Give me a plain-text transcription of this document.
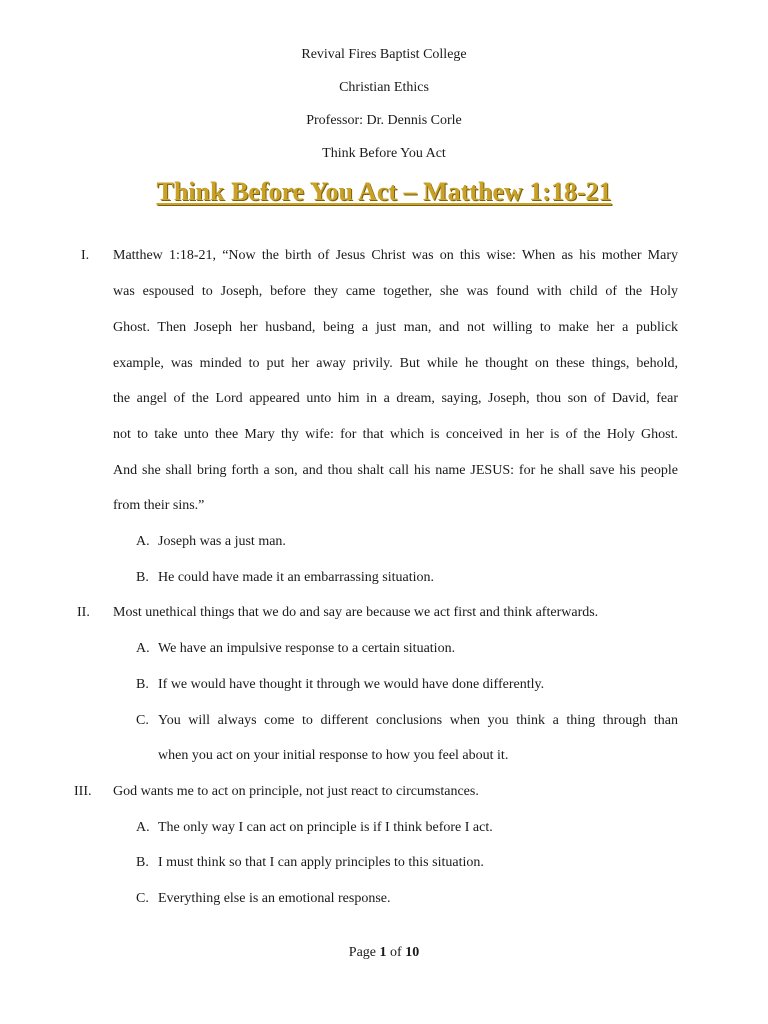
Revival Fires Baptist College
Christian Ethics
Professor: Dr. Dennis Corle
Think Before You Act
Think Before You Act – Matthew 1:18-21
I. Matthew 1:18-21, “Now the birth of Jesus Christ was on this wise: When as his mother Mary
was espoused to Joseph, before they came together, she was found with child of the Holy
Ghost. Then Joseph her husband, being a just man, and not willing to make her a publick
example, was minded to put her away privily. But while he thought on these things, behold,
the angel of the Lord appeared unto him in a dream, saying, Joseph, thou son of David, fear
not to take unto thee Mary thy wife: for that which is conceived in her is of the Holy Ghost.
And she shall bring forth a son, and thou shalt call his name JESUS: for he shall save his people
from their sins.”
A. Joseph was a just man.
B. He could have made it an embarrassing situation.
II. Most unethical things that we do and say are because we act first and think afterwards.
A. We have an impulsive response to a certain situation.
B. If we would have thought it through we would have done differently.
C. You will always come to different conclusions when you think a thing through than
when you act on your initial response to how you feel about it.
III. God wants me to act on principle, not just react to circumstances.
A. The only way I can act on principle is if I think before I act.
B. I must think so that I can apply principles to this situation.
C. Everything else is an emotional response.
Page 1 of 10
